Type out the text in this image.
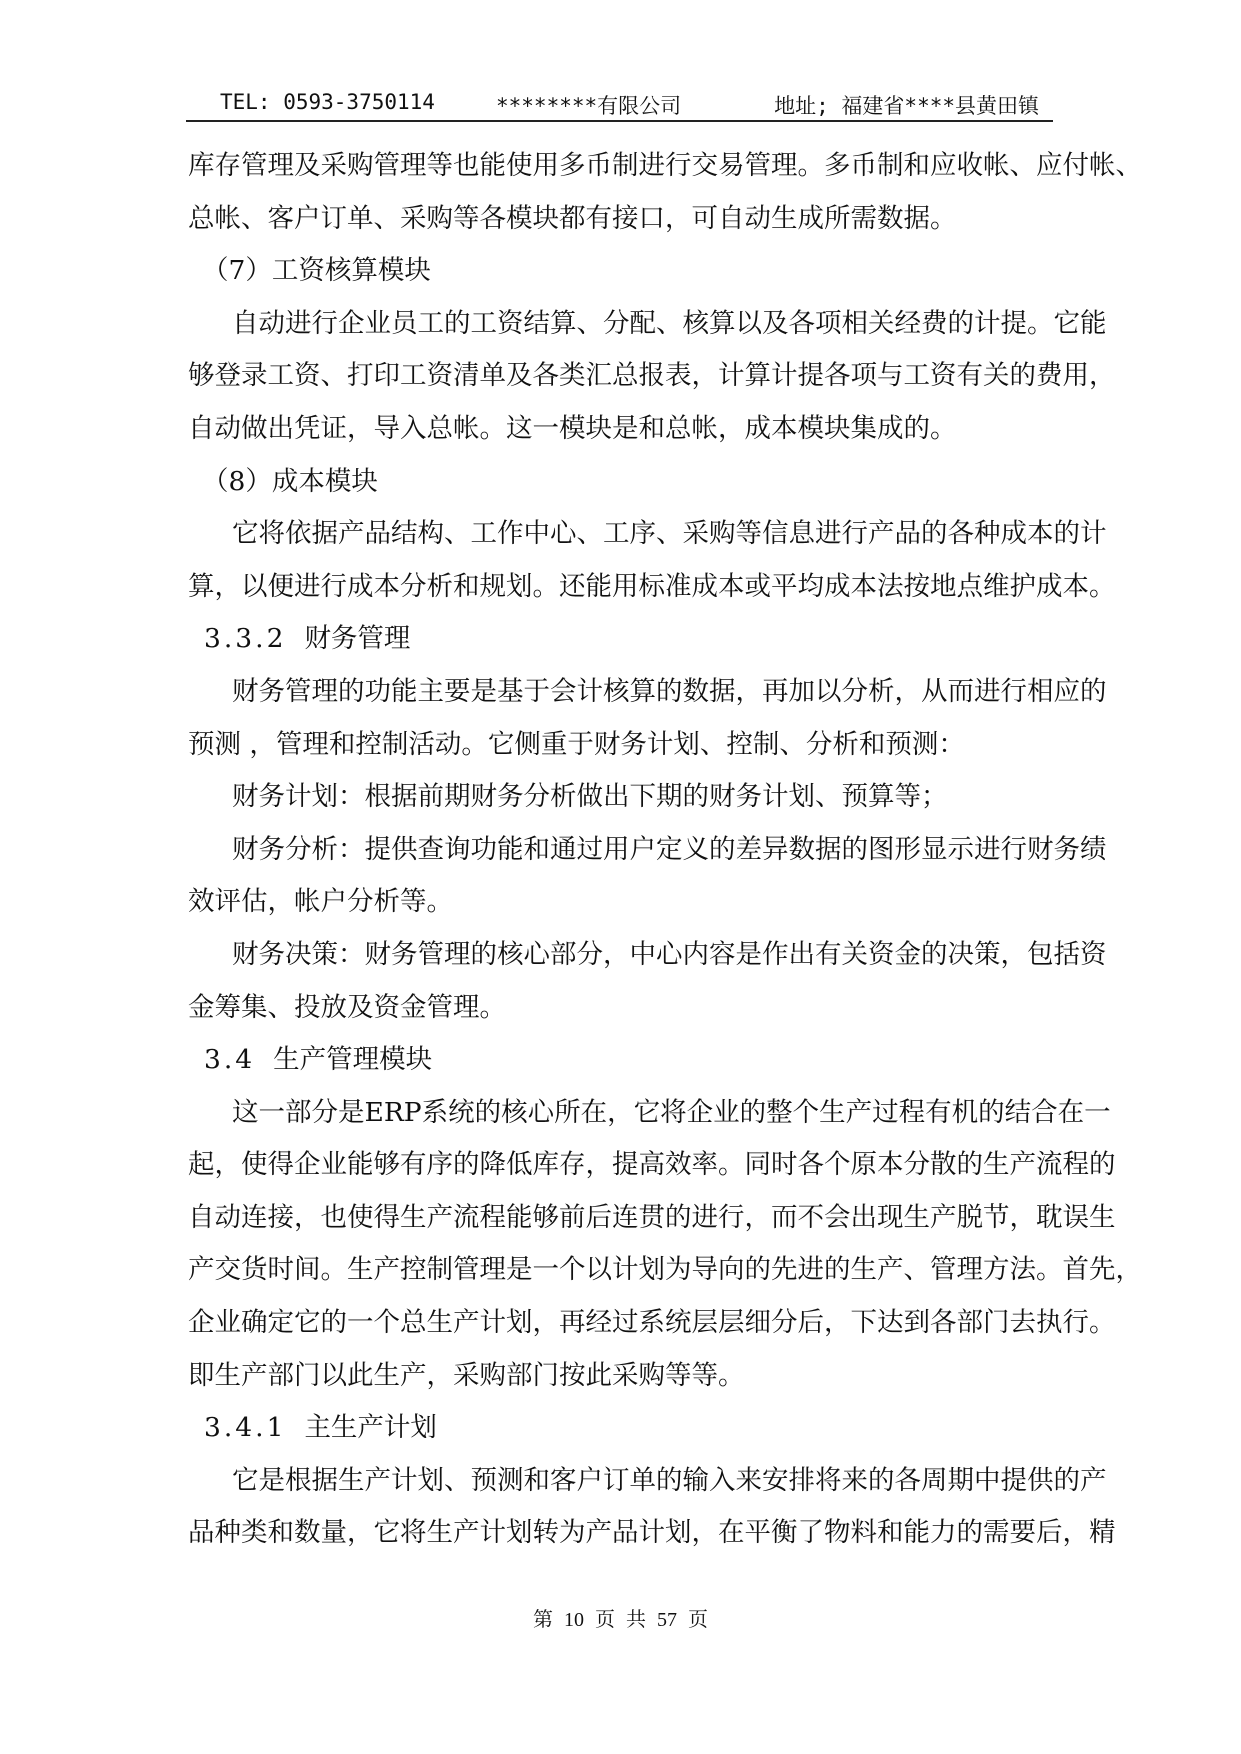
TEL: 0593-3750114	********有限公司	地址; 福建省****县黄田镇
库存管理及采购管理等也能使用多币制进行交易管理。多币制和应收帐、应付帐、
总帐、客户订单、采购等各模块都有接口，可自动生成所需数据。
（7）工资核算模块
自动进行企业员工的工资结算、分配、核算以及各项相关经费的计提。它能
够登录工资、打印工资清单及各类汇总报表，计算计提各项与工资有关的费用，
自动做出凭证，导入总帐。这一模块是和总帐，成本模块集成的。
（8）成本模块
它将依据产品结构、工作中心、工序、采购等信息进行产品的各种成本的计
算，以便进行成本分析和规划。还能用标准成本或平均成本法按地点维护成本。
3.3.2 财务管理
财务管理的功能主要是基于会计核算的数据，再加以分析，从而进行相应的
预测 ，管理和控制活动。它侧重于财务计划、控制、分析和预测：
财务计划：根据前期财务分析做出下期的财务计划、预算等；
财务分析：提供查询功能和通过用户定义的差异数据的图形显示进行财务绩
效评估，帐户分析等。
财务决策：财务管理的核心部分，中心内容是作出有关资金的决策，包括资
金筹集、投放及资金管理。
3.4 生产管理模块
这一部分是ERP系统的核心所在，它将企业的整个生产过程有机的结合在一
起，使得企业能够有序的降低库存，提高效率。同时各个原本分散的生产流程的
自动连接，也使得生产流程能够前后连贯的进行，而不会出现生产脱节，耽误生
产交货时间。生产控制管理是一个以计划为导向的先进的生产、管理方法。首先，
企业确定它的一个总生产计划，再经过系统层层细分后，下达到各部门去执行。
即生产部门以此生产，采购部门按此采购等等。
3.4.1 主生产计划
它是根据生产计划、预测和客户订单的输入来安排将来的各周期中提供的产
品种类和数量，它将生产计划转为产品计划，在平衡了物料和能力的需要后，精
第 10 页 共 57 页
